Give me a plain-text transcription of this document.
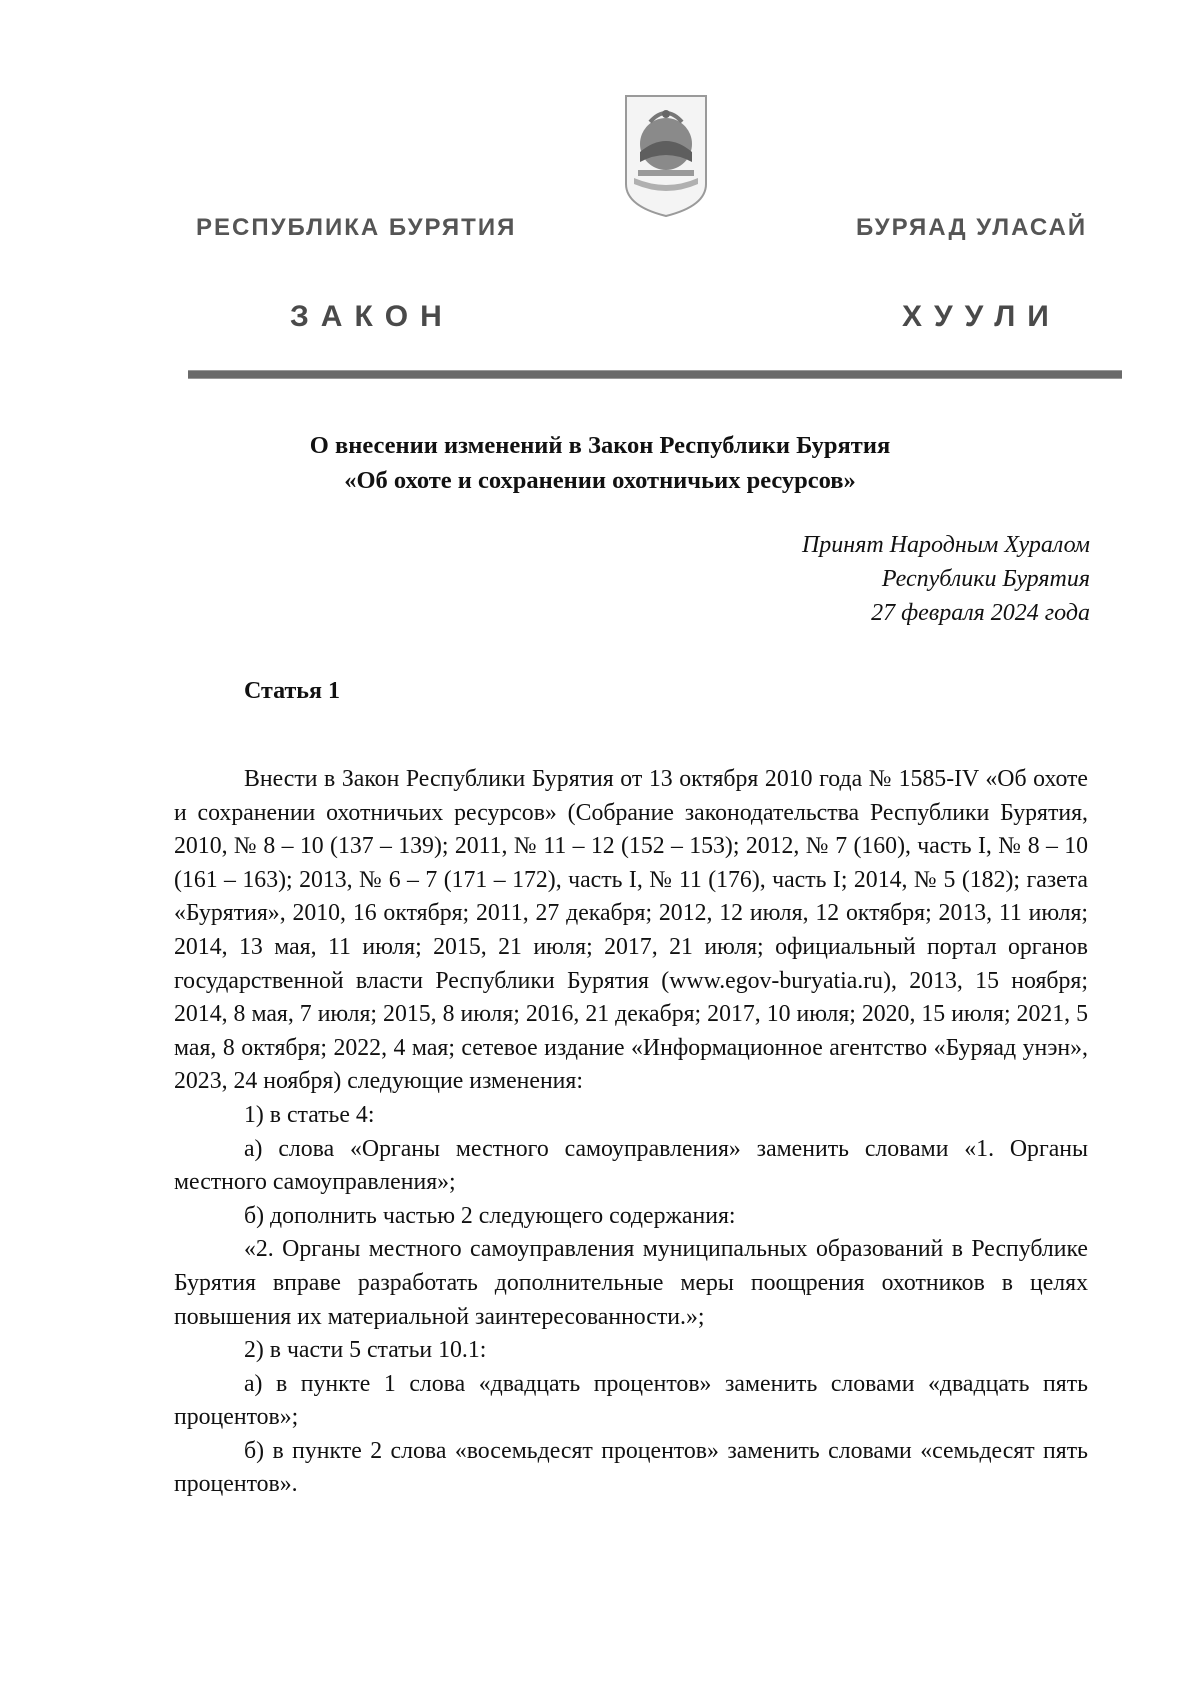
РЕСПУБЛИКА БУРЯТИЯ	БУРЯАД УЛАСАЙ
ЗАКОН	ХУУЛИ
О внесении изменений в Закон Республики Бурятия
«Об охоте и сохранении охотничьих ресурсов»
Принят Народным Хуралом
Республики Бурятия
27 февраля 2024 года
Статья 1

Внести в Закон Республики Бурятия от 13 октября 2010 года № 1585-IV «Об охоте и сохранении охотничьих ресурсов» (Собрание законодательства Республики Бурятия, 2010, № 8 – 10 (137 – 139); 2011, № 11 – 12 (152 – 153); 2012, № 7 (160), часть I, № 8 – 10 (161 – 163); 2013, № 6 – 7 (171 – 172), часть I, № 11 (176), часть I; 2014, № 5 (182); газета «Бурятия», 2010, 16 октября; 2011, 27 декабря; 2012, 12 июля, 12 октября; 2013, 11 июля; 2014, 13 мая, 11 июля; 2015, 21 июля; 2017, 21 июля; официальный портал органов государственной власти Республики Бурятия (www.egov-buryatia.ru), 2013, 15 ноября; 2014, 8 мая, 7 июля; 2015, 8 июля; 2016, 21 декабря; 2017, 10 июля; 2020, 15 июля; 2021, 5 мая, 8 октября; 2022, 4 мая; сетевое издание «Информационное агентство «Буряад унэн», 2023, 24 ноября) следующие изменения:

1) в статье 4:

а) слова «Органы местного самоуправления» заменить словами «1. Органы местного самоуправления»;

б) дополнить частью 2 следующего содержания:

«2. Органы местного самоуправления муниципальных образований в Республике Бурятия вправе разработать дополнительные меры поощрения охотников в целях повышения их материальной заинтересованности.»;

2) в части 5 статьи 10.1:

а) в пункте 1 слова «двадцать процентов» заменить словами «двадцать пять процентов»;

б) в пункте 2 слова «восемьдесят процентов» заменить словами «семьдесят пять процентов».
